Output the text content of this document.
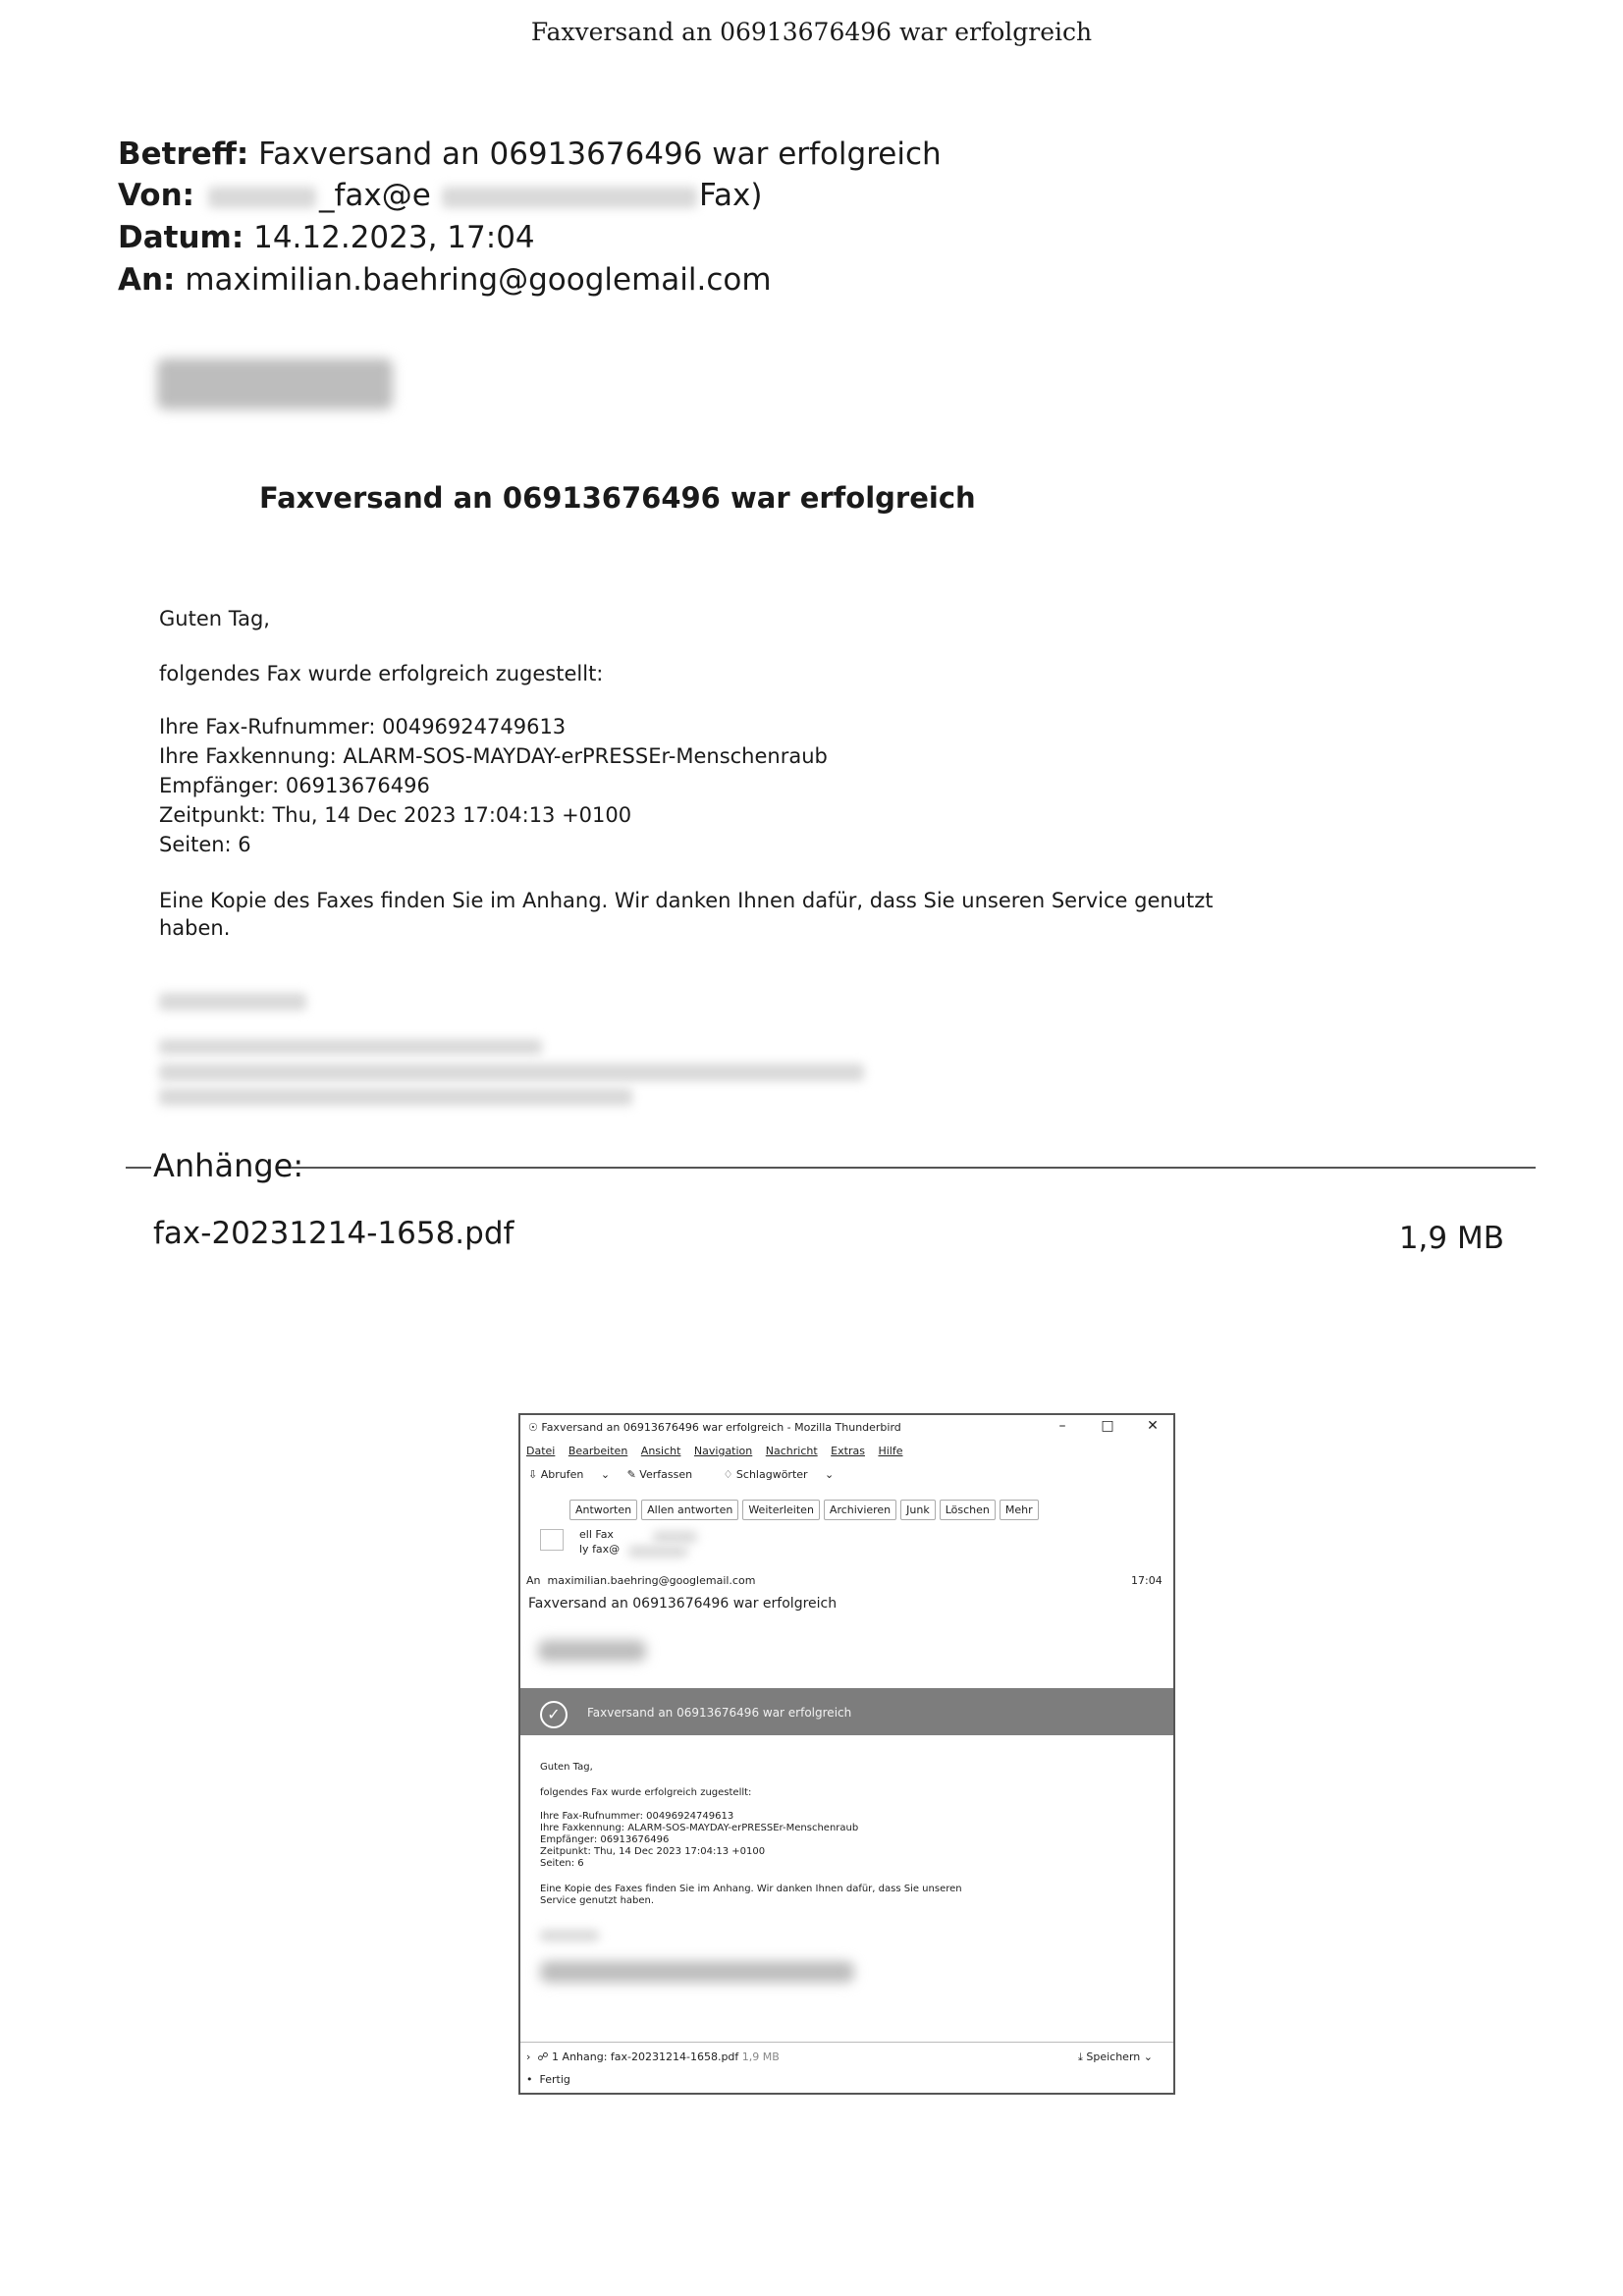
Faxversand an 06913676496 war erfolgreich
Betreff: Faxversand an 06913676496 war erfolgreich
Von:	_fax@e	Fax)
Datum: 14.12.2023, 17:04
An: maximilian.baehring@googlemail.com
Faxversand an 06913676496 war erfolgreich
Guten Tag,
folgendes Fax wurde erfolgreich zugestellt:
Ihre Fax-Rufnummer: 00496924749613
Ihre Faxkennung: ALARM-SOS-MAYDAY-erPRESSEr-Menschenraub
Empfänger: 06913676496
Zeitpunkt: Thu, 14 Dec 2023 17:04:13 +0100
Seiten: 6
Eine Kopie des Faxes finden Sie im Anhang. Wir danken Ihnen dafür, dass Sie unseren Service genutzt
haben.
Anhänge:
fax-20231214-1658.pdf	1,9 MB
☉ Faxversand an 06913676496 war erfolgreich - Mozilla Thunderbird	–	□ ✕
Datei Bearbeiten Ansicht Navigation Nachricht Extras Hilfe
⇩ Abrufen ⌄ ✎ Verfassen	♢ Schlagwörter ⌄
Antworten Allen antworten Weiterleiten Archivieren Junk Löschen Mehr
ell Fax
ly fax@
An maximilian.baehring@googlemail.com	17:04
Faxversand an 06913676496 war erfolgreich
✓	Faxversand an 06913676496 war erfolgreich
Guten Tag,
folgendes Fax wurde erfolgreich zugestellt:
Ihre Fax-Rufnummer: 00496924749613
Ihre Faxkennung: ALARM-SOS-MAYDAY-erPRESSEr-Menschenraub
Empfänger: 06913676496
Zeitpunkt: Thu, 14 Dec 2023 17:04:13 +0100
Seiten: 6
Eine Kopie des Faxes finden Sie im Anhang. Wir danken Ihnen dafür, dass Sie unseren
Service genutzt haben.
› ☍ 1 Anhang: fax-20231214-1658.pdf 1,9 MB	⤓ Speichern ⌄
• Fertig
